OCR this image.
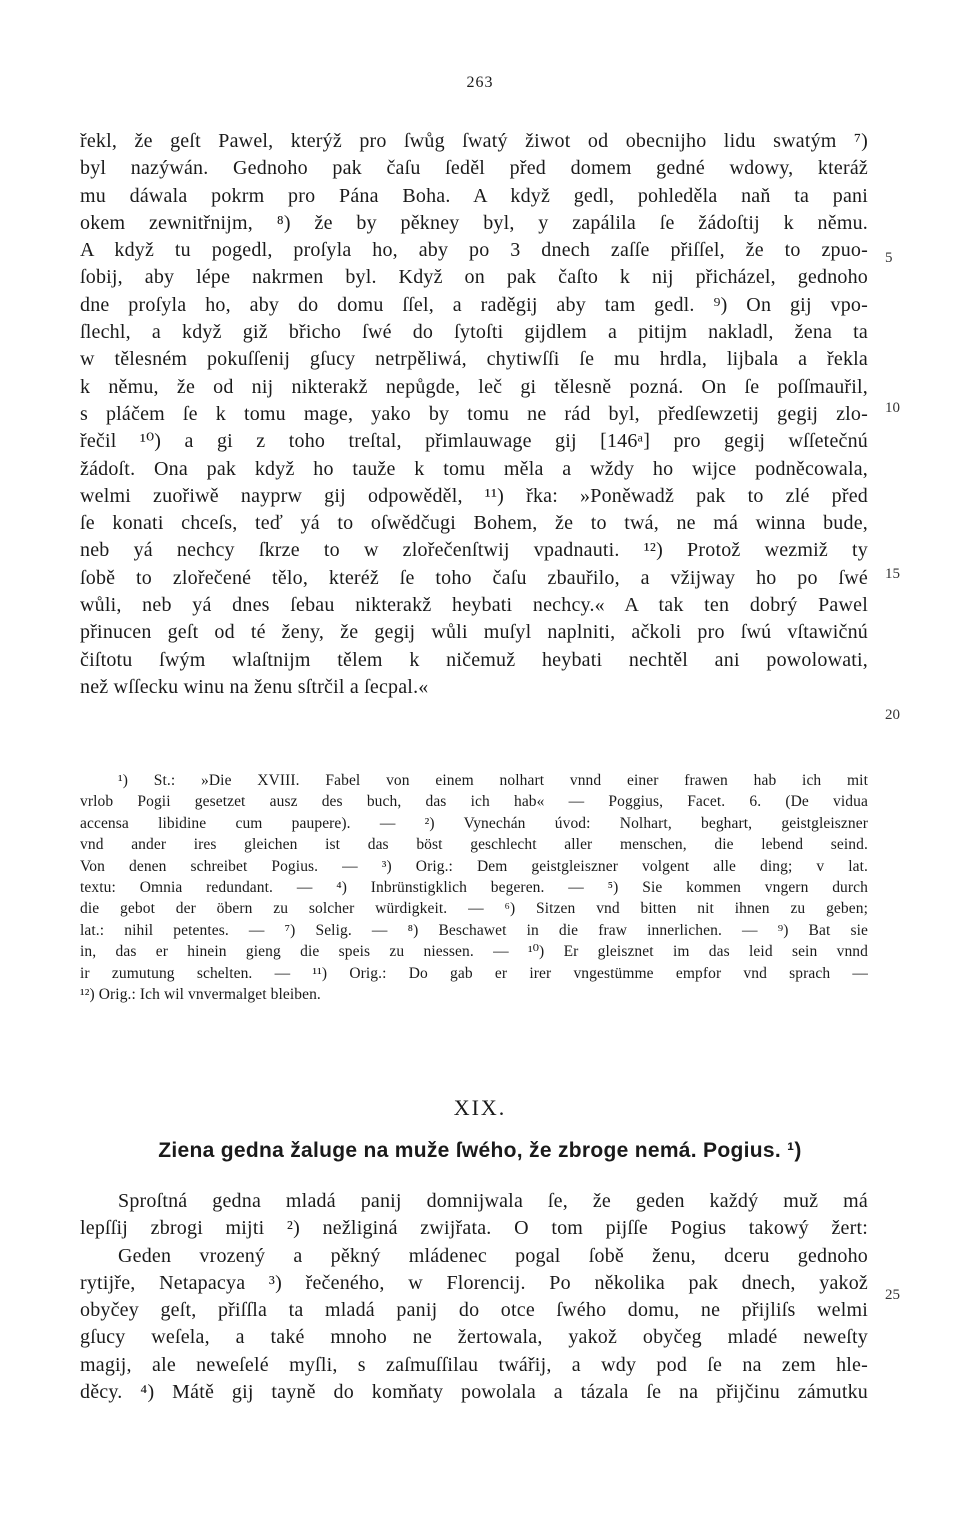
263
řekl, že geſt Pawel, kterýž pro ſwůg ſwatý žiwot od obecnijho lidu swatým ⁷)
byl nazýwán. Gednoho pak čaſu ſeděl před domem gedné wdowy, kteráž
mu dáwala pokrm pro Pána Boha. A když gedl, pohleděla naň ta pani
okem zewnitřnijm, ⁸) že by pěkney byl, y zapálila ſe žádoſtij k němu.
A když tu pogedl, proſyla ho, aby po 3 dnech zaſſe přiſſel, že to zpuo-
ſobij, aby lépe nakrmen byl. Když on pak čaſto k nij přicházel, gednoho
dne proſyla ho, aby do domu ſſel, a raděgij aby tam gedl. ⁹) On gij vpo-
ſlechl, a když giž břicho ſwé do ſytoſti gijdlem a pitijm nakladl, žena ta
w tělesném pokuſſenij gſucy netrpěliwá, chytiwſſi ſe mu hrdla, lijbala a řekla
k němu, že od nij nikterakž nepůgde, leč gi tělesně pozná. On ſe poſſmauřil,
s pláčem ſe k tomu mage, yako by tomu ne rád byl, předſewzetij gegij zlo-
řečil ¹⁰) a gi z toho treſtal, přimlauwage gij [146ᵃ] pro gegij wſſetečnú
žádoſt. Ona pak když ho tauže k tomu měla a wždy ho wijce podněcowala,
welmi zuořiwě nayprw gij odpowěděl, ¹¹) řka: »Poněwadž pak to zlé před
ſe konati chceſs, teď yá to oſwědčugi Bohem, že to twá, ne má winna bude,
neb yá nechcy ſkrze to w zlořečenſtwij vpadnauti. ¹²) Protož wezmiž ty
ſobě to zlořečené tělo, kteréž ſe toho čaſu zbauřilo, a vžijway ho po ſwé
wůli, neb yá dnes ſebau nikterakž heybati nechcy.« A tak ten dobrý Pawel
přinucen geſt od té ženy, že gegij wůli muſyl naplniti, ačkoli pro ſwú vſtawičnú
čiſtotu ſwým wlaſtnijm tělem k ničemuž heybati nechtěl ani powolowati,
než wſſecku winu na ženu sſtrčil a ſecpal.«
5
10
15
20
¹) St.: »Die XVIII. Fabel von einem nolhart vnnd einer frawen hab ich mit
vrlob Pogii gesetzet ausz des buch, das ich hab« — Poggius, Facet. 6. (De vidua
accensa libidine cum paupere). — ²) Vynechán úvod: Nolhart, beghart, geistgleiszner
vnd ander ires gleichen ist das böst geschlecht aller menschen, die lebend seind.
Von denen schreibet Pogius. — ³) Orig.: Dem geistgleiszner volgent alle ding; v lat.
textu: Omnia redundant. — ⁴) Inbrünstigklich begeren. — ⁵) Sie kommen vngern durch
die gebot der öbern zu solcher würdigkeit. — ⁶) Sitzen vnd bitten nit ihnen zu geben;
lat.: nihil petentes. — ⁷) Selig. — ⁸) Beschawet in die fraw innerlichen. — ⁹) Bat sie
in, das er hinein gieng die speis zu niessen. — ¹⁰) Er gleisznet im das leid sein vnnd
ir zumutung schelten. — ¹¹) Orig.: Do gab er irer vngestümme empfor vnd sprach —
¹²) Orig.: Ich wil vnvermalget bleiben.
XIX.
Ziena gedna žaluge na muže ſwého, že zbroge nemá. Pogius. ¹)
Sproſtná gedna mladá panij domnijwala ſe, že geden každý muž má
lepſſij zbrogi mijti ²) nežliginá zwijřata. O tom pijſſe Pogius takowý žert:
Geden vrozený a pěkný mládenec pogal ſobě ženu, dceru gednoho
rytijře, Netapacya ³) řečeného, w Florencij. Po několika pak dnech, yakož
obyčey geſt, přiſſla ta mladá panij do otce ſwého domu, ne přijliſs welmi
gſucy weſela, a také mnoho ne žertowala, yakož obyčeg mladé neweſty
magij, ale neweſelé myſli, s zaſmuſſilau twářij, a wdy pod ſe na zem hle-
děcy. ⁴) Mátě gij tayně do komňaty powolala a tázala ſe na přijčinu zámutku
25
